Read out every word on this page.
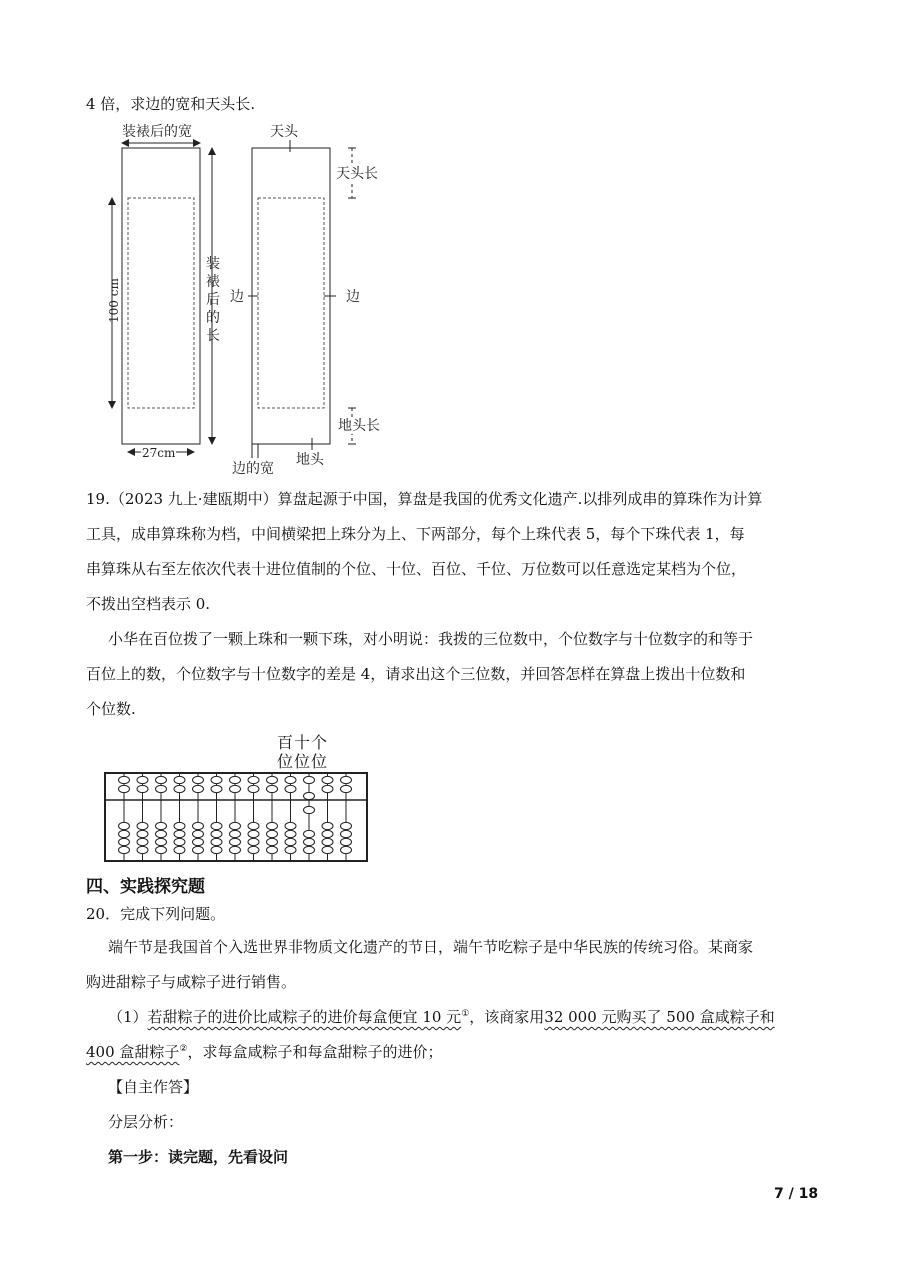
4 倍，求边的宽和天头长.
装裱后的宽
100 cm
27cm
装 裱 后 的 长
天头
天头长
边	边
地头长
边的宽
地头
19.（2023 九上·建瓯期中）算盘起源于中国，算盘是我国的优秀文化遗产.以排列成串的算珠作为计算
工具，成串算珠称为档，中间横梁把上珠分为上、下两部分，每个上珠代表 5，每个下珠代表 1，每
串算珠从右至左依次代表十进位值制的个位、十位、百位、千位、万位数可以任意选定某档为个位，
不拨出空档表示 0.
小华在百位拨了一颗上珠和一颗下珠，对小明说：我拨的三位数中，个位数字与十位数字的和等于
百位上的数，个位数字与十位数字的差是 4，请求出这个三位数，并回答怎样在算盘上拨出十位数和
个位数.
百十个
位位位
四、实践探究题
20．完成下列问题。
端午节是我国首个入选世界非物质文化遗产的节日，端午节吃粽子是中华民族的传统习俗。某商家
购进甜粽子与咸粽子进行销售。
（1）若甜粽子的进价比咸粽子的进价每盒便宜 10 元①，该商家用32 000 元购买了 500 盒咸粽子和
400 盒甜粽子②，求每盒咸粽子和每盒甜粽子的进价；
【自主作答】
分层分析：
第一步：读完题，先看设问
7 / 18
